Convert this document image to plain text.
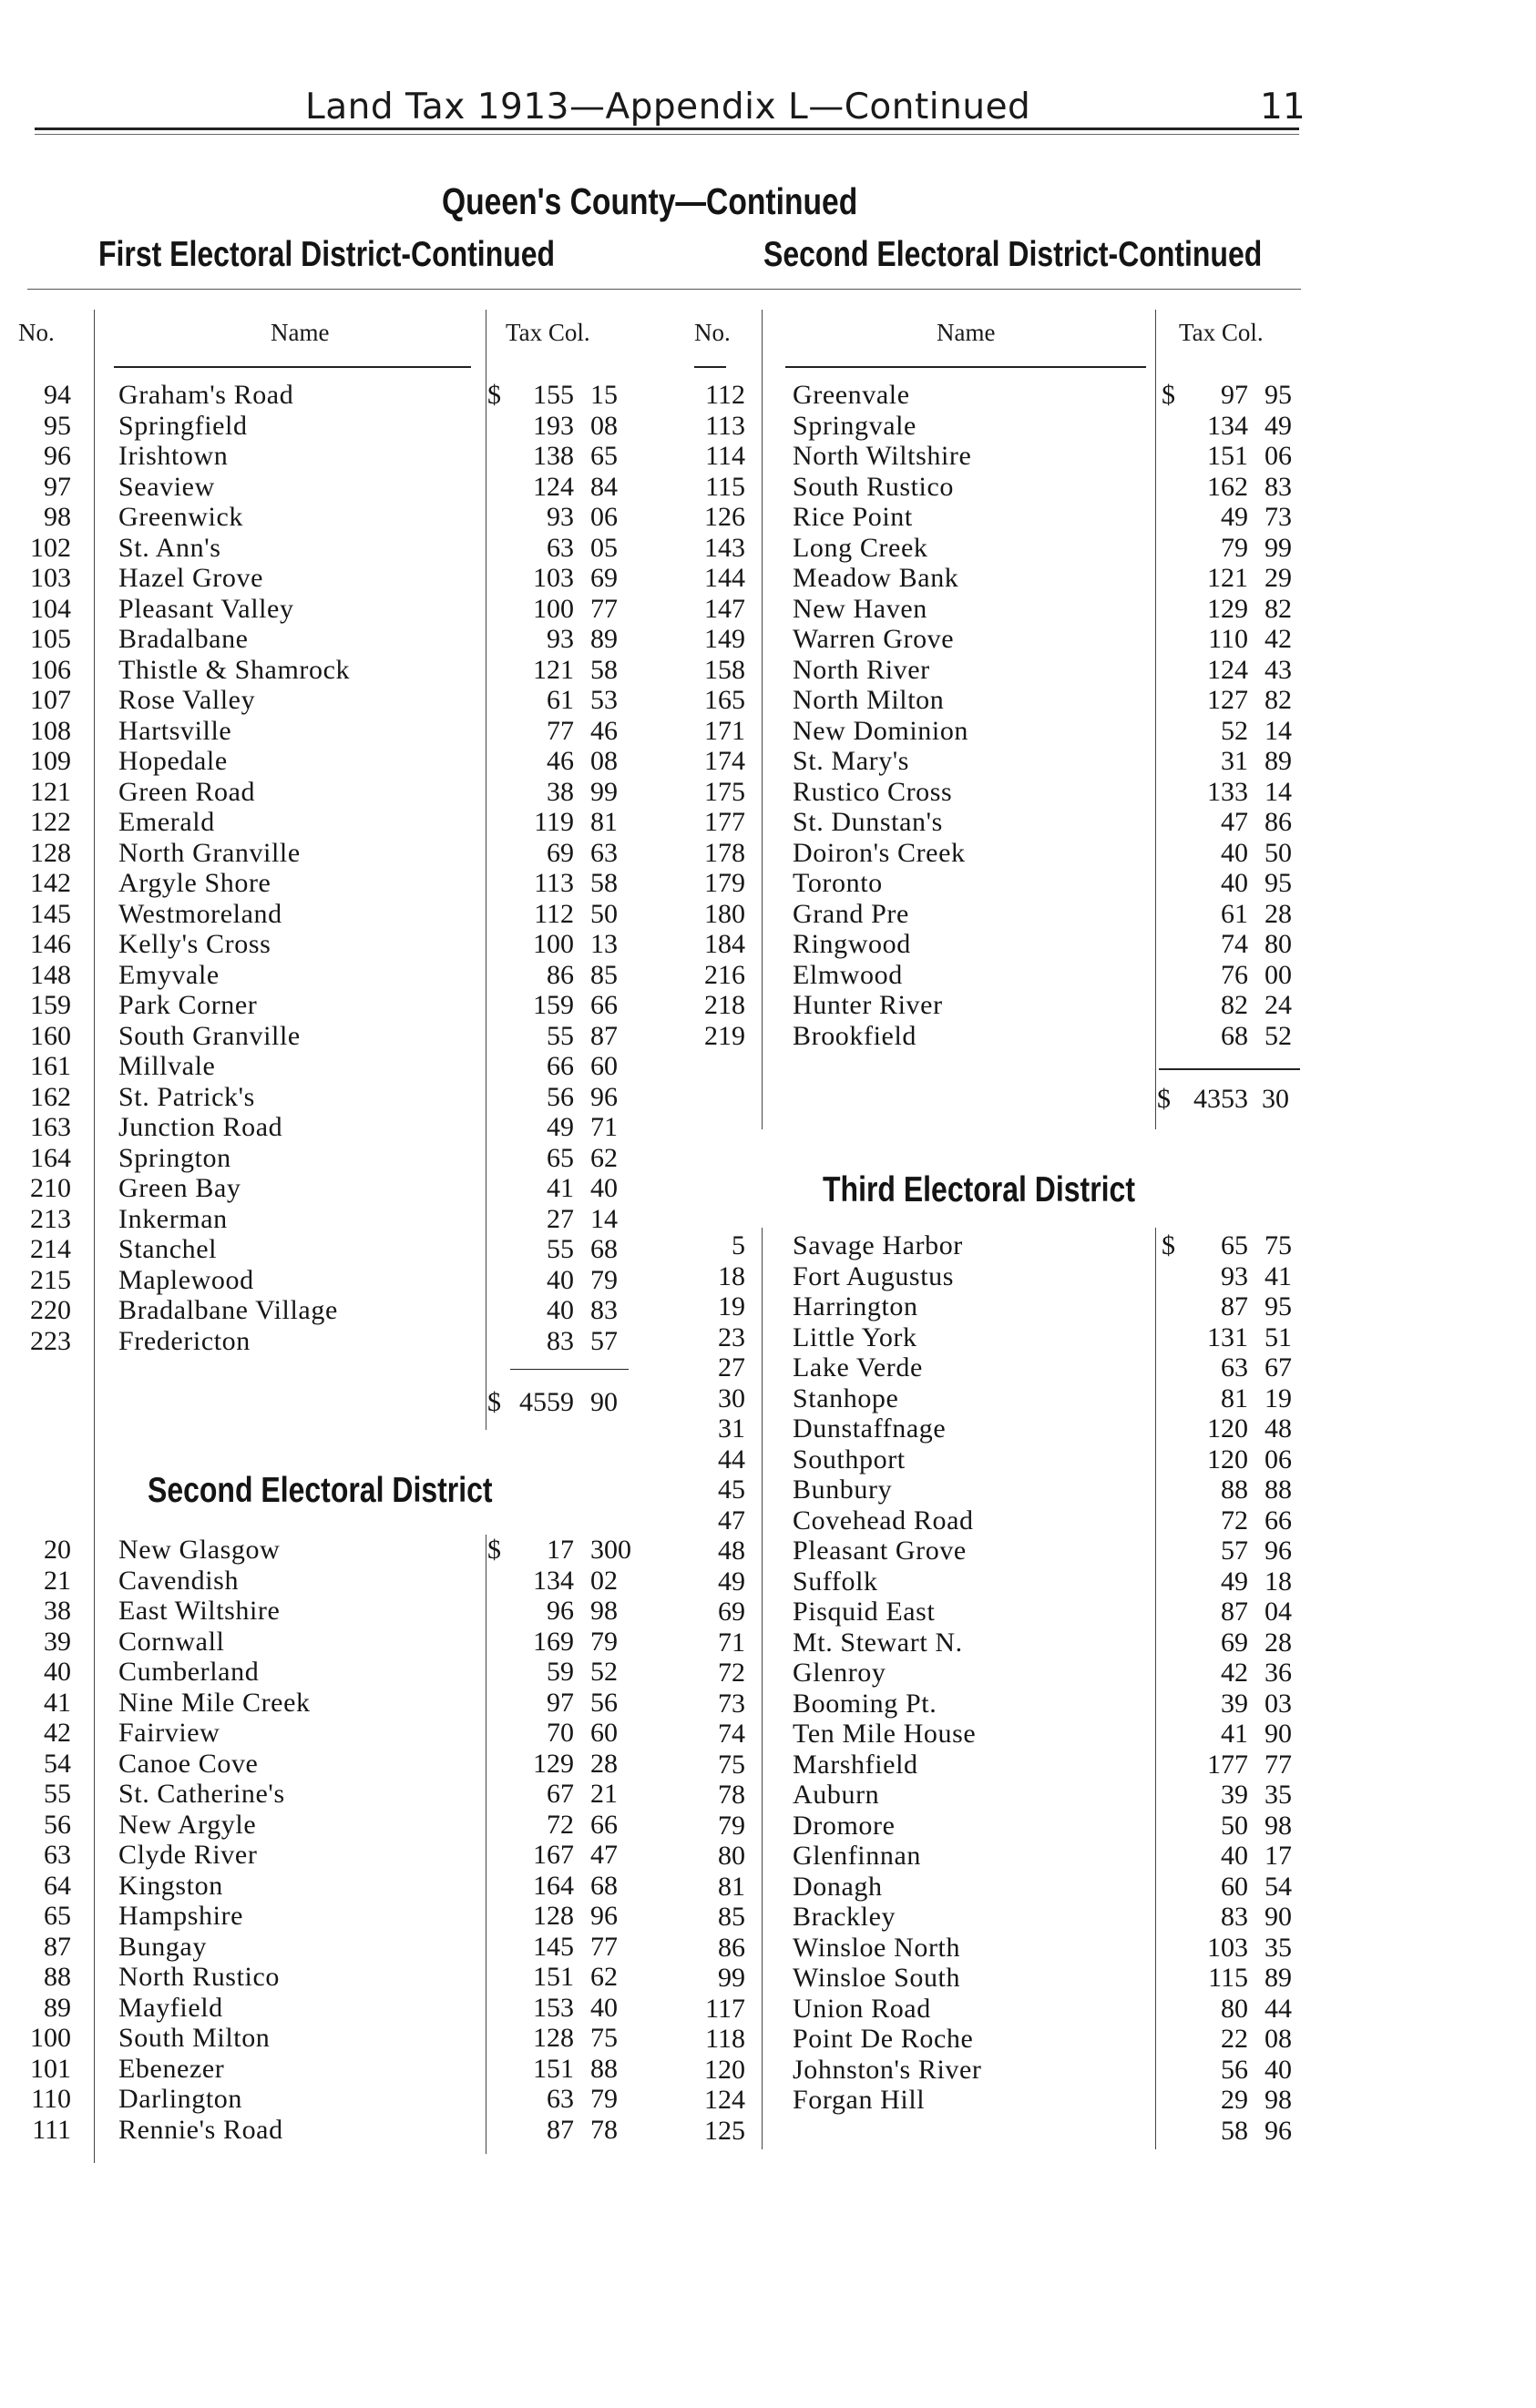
Land Tax 1913—Appendix L—Continued	11
Queen's County—Continued
First Electoral District-Continued	Second Electoral District-Continued
No.	Name	Tax Col.	No.	Name	Tax Col.
94 Graham's Road	$	155 15
95 Springfield	193 08
96 Irishtown	138 65
97 Seaview	124 84
98 Greenwick	93 06
102 St. Ann's	63 05
103 Hazel Grove	103 69
104 Pleasant Valley	100 77
105 Bradalbane	93 89
106 Thistle & Shamrock	121 58
107 Rose Valley	61 53
108 Hartsville	77 46
109 Hopedale	46 08
121 Green Road	38 99
122 Emerald	119 81
128 North Granville	69 63
142 Argyle Shore	113 58
145 Westmoreland	112 50
146 Kelly's Cross	100 13
148 Emyvale	86 85
159 Park Corner	159 66
160 South Granville	55 87
161 Millvale	66 60
162 St. Patrick's	56 96
163 Junction Road	49 71
164 Springton	65 62
210 Green Bay	41 40
213 Inkerman	27 14
214 Stanchel	55 68
215 Maplewood	40 79
220 Bradalbane Village	40 83
223 Fredericton	83 57
112 Greenvale	$	97 95
113 Springvale	134 49
114 North Wiltshire	151 06
115 South Rustico	162 83
126 Rice Point	49 73
143 Long Creek	79 99
144 Meadow Bank	121 29
147 New Haven	129 82
149 Warren Grove	110 42
158 North River	124 43
165 North Milton	127 82
171 New Dominion	52 14
174 St. Mary's	31 89
175 Rustico Cross	133 14
177 St. Dunstan's	47 86
178 Doiron's Creek	40 50
179 Toronto	40 95
180 Grand Pre	61 28
184 Ringwood	74 80
216 Elmwood	76 00
218 Hunter River	82 24
219 Brookfield	68 52
$ 4559 90
$ 4353 30
Third Electoral District
5 Savage Harbor	$	65 75
18 Fort Augustus	93 41
19 Harrington	87 95
23 Little York	131 51
27 Lake Verde	63 67
30 Stanhope	81 19
31 Dunstaffnage	120 48
44 Southport	120 06
45 Bunbury	88 88
47 Covehead Road	72 66
48 Pleasant Grove	57 96
49 Suffolk	49 18
69 Pisquid East	87 04
71 Mt. Stewart N.	69 28
72 Glenroy	42 36
73 Booming Pt.	39 03
74 Ten Mile House	41 90
75 Marshfield	177 77
78 Auburn	39 35
79 Dromore	50 98
80 Glenfinnan	40 17
81 Donagh	60 54
85 Brackley	83 90
86 Winsloe North	103 35
99 Winsloe South	115 89
117 Union Road	80 44
118 Point De Roche	22 08
120 Johnston's River	56 40
124 Forgan Hill	29 98
125	58 96
Second Electoral District
20 New Glasgow	$	17 300
21 Cavendish	134 02
38 East Wiltshire	96 98
39 Cornwall	169 79
40 Cumberland	59 52
41 Nine Mile Creek	97 56
42 Fairview	70 60
54 Canoe Cove	129 28
55 St. Catherine's	67 21
56 New Argyle	72 66
63 Clyde River	167 47
64 Kingston	164 68
65 Hampshire	128 96
87 Bungay	145 77
88 North Rustico	151 62
89 Mayfield	153 40
100 South Milton	128 75
101 Ebenezer	151 88
110 Darlington	63 79
111 Rennie's Road	87 78
